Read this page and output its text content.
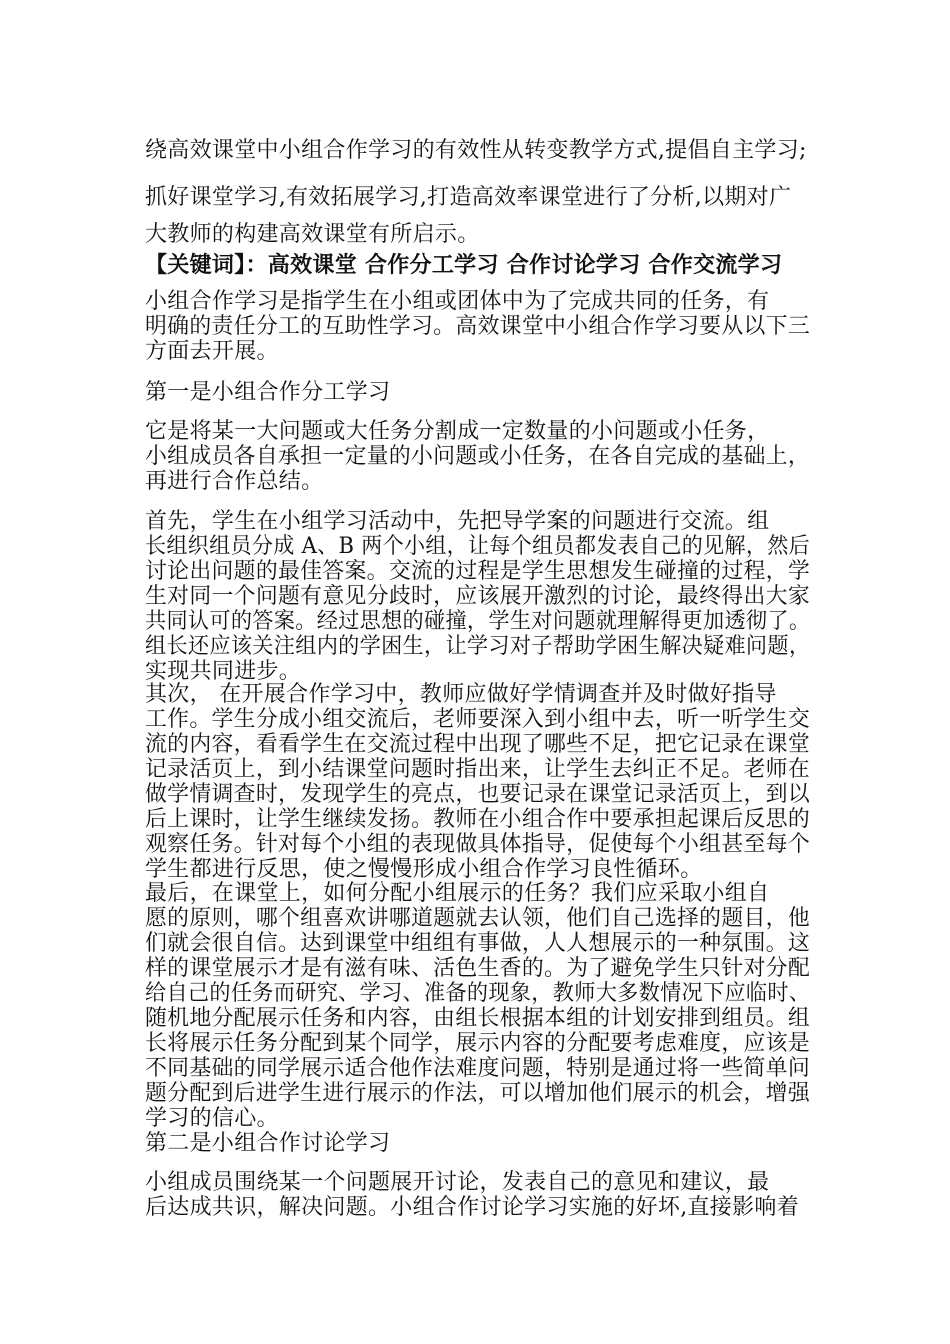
绕高效课堂中小组合作学习的有效性从转变教学方式,提倡自主学习;
抓好课堂学习,有效拓展学习,打造高效率课堂进行了分析,以期对广
大教师的构建高效课堂有所启示。
【关键词】：高效课堂 合作分工学习 合作讨论学习 合作交流学习
小组合作学习是指学生在小组或团体中为了完成共同的任务，有
明确的责任分工的互助性学习。高效课堂中小组合作学习要从以下三
方面去开展。
第一是小组合作分工学习
它是将某一大问题或大任务分割成一定数量的小问题或小任务，
小组成员各自承担一定量的小问题或小任务，在各自完成的基础上，
再进行合作总结。
首先，学生在小组学习活动中，先把导学案的问题进行交流。组
长组织组员分成 A、B 两个小组，让每个组员都发表自己的见解，然后
讨论出问题的最佳答案。交流的过程是学生思想发生碰撞的过程，学
生对同一个问题有意见分歧时，应该展开激烈的讨论，最终得出大家
共同认可的答案。经过思想的碰撞，学生对问题就理解得更加透彻了。
组长还应该关注组内的学困生，让学习对子帮助学困生解决疑难问题，
实现共同进步。
其次， 在开展合作学习中，教师应做好学情调查并及时做好指导
工作。学生分成小组交流后，老师要深入到小组中去，听一听学生交
流的内容，看看学生在交流过程中出现了哪些不足，把它记录在课堂
记录活页上，到小结课堂问题时指出来，让学生去纠正不足。老师在
做学情调查时，发现学生的亮点，也要记录在课堂记录活页上，到以
后上课时，让学生继续发扬。教师在小组合作中要承担起课后反思的
观察任务。针对每个小组的表现做具体指导，促使每个小组甚至每个
学生都进行反思，使之慢慢形成小组合作学习良性循环。
最后，在课堂上，如何分配小组展示的任务？我们应采取小组自
愿的原则，哪个组喜欢讲哪道题就去认领，他们自己选择的题目，他
们就会很自信。达到课堂中组组有事做，人人想展示的一种氛围。这
样的课堂展示才是有滋有味、活色生香的。为了避免学生只针对分配
给自己的任务而研究、学习、准备的现象，教师大多数情况下应临时、
随机地分配展示任务和内容，由组长根据本组的计划安排到组员。组
长将展示任务分配到某个同学，展示内容的分配要考虑难度，应该是
不同基础的同学展示适合他作法难度问题，特别是通过将一些简单问
题分配到后进学生进行展示的作法，可以增加他们展示的机会，增强
学习的信心。
第二是小组合作讨论学习
小组成员围绕某一个问题展开讨论，发表自己的意见和建议，最
后达成共识，解决问题。小组合作讨论学习实施的好坏,直接影响着
